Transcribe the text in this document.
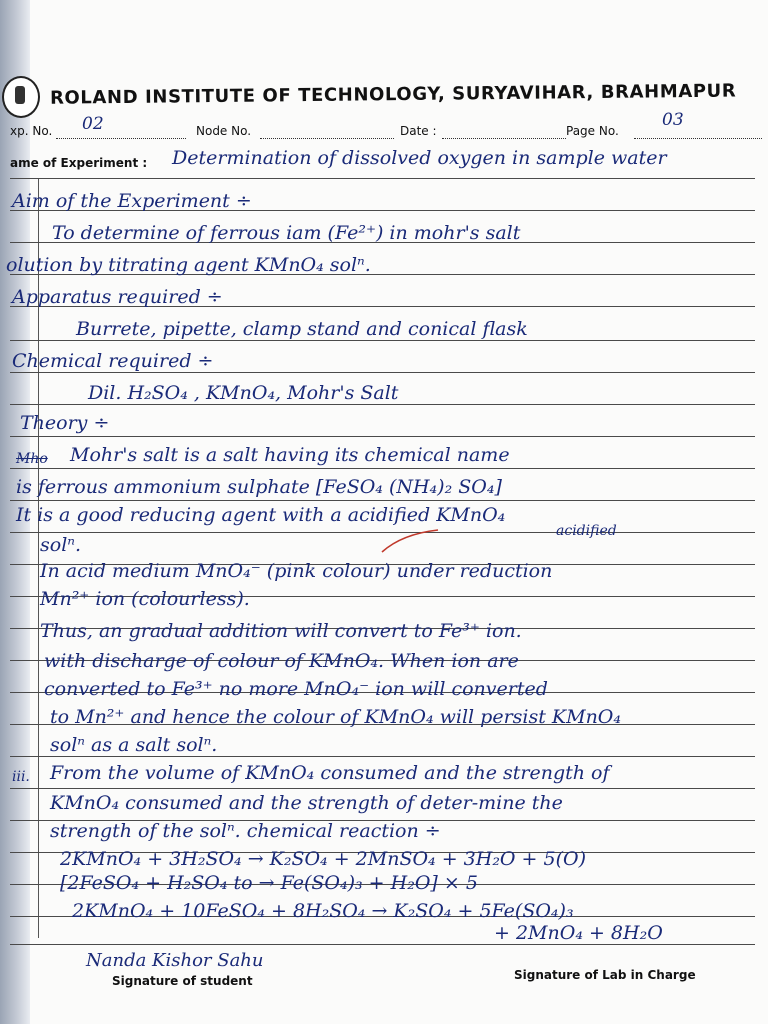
ROLAND INSTITUTE OF TECHNOLOGY, SURYAVIHAR, BRAHMAPUR
xp. No.
	Node No.
	Date :
	Page No.

02	03
ame of Experiment : Determination of dissolved oxygen in sample water
Aim of the Experiment ÷
To determine of ferrous iam (Fe²⁺) in mohr's salt
olution by titrating agent KMnO₄ solⁿ.
Apparatus required ÷
Burrete, pipette, clamp stand and conical flask
Chemical required ÷
Dil. H₂SO₄ , KMnO₄, Mohr's Salt
Theory ÷
Mho Mohr's salt is a salt having its chemical name
is ferrous ammonium sulphate [FeSO₄ (NH₄)₂ SO₄]
It is a good reducing agent with a acidified KMnO₄
acidified
solⁿ.
In acid medium MnO₄⁻ (pink colour) under reduction
Mn²⁺ ion (colourless).
Thus, an gradual addition will convert to Fe³⁺ ion.
with discharge of colour of KMnO₄. When ion are
converted to Fe³⁺ no more MnO₄⁻ ion will converted
to Mn²⁺ and hence the colour of KMnO₄ will persist KMnO₄
solⁿ as a salt solⁿ.
iii. From the volume of KMnO₄ consumed and the strength of
KMnO₄ consumed and the strength of deter-mine the
strength of the solⁿ. chemical reaction ÷
2KMnO₄ + 3H₂SO₄ → K₂SO₄ + 2MnSO₄ + 3H₂O + 5(O)
[2FeSO₄ + H₂SO₄ to → Fe(SO₄)₃ + H₂O] × 5
2KMnO₄ + 10FeSO₄ + 8H₂SO₄ → K₂SO₄ + 5Fe(SO₄)₃
+ 2MnO₄ + 8H₂O
Nanda Kishor Sahu
Signature of student	Signature of Lab in Charge
